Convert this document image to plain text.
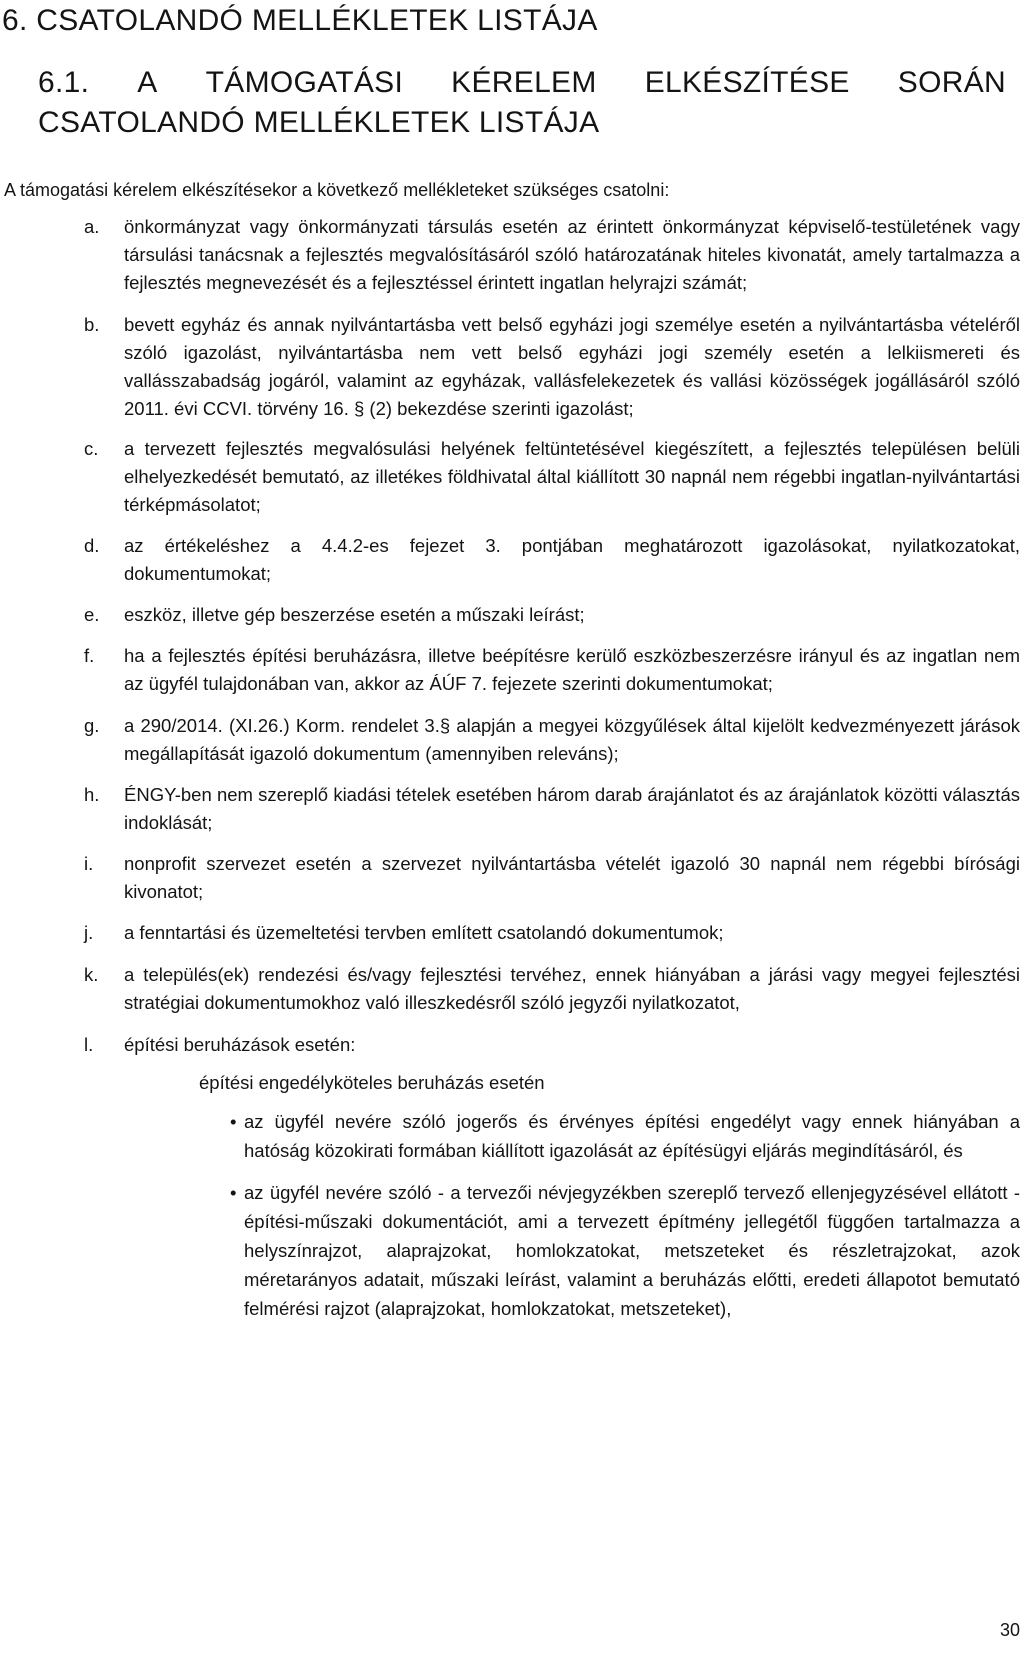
6. CSATOLANDÓ MELLÉKLETEK LISTÁJA
6.1. A TÁMOGATÁSI KÉRELEM ELKÉSZÍTÉSE SORÁN
CSATOLANDÓ MELLÉKLETEK LISTÁJA
A támogatási kérelem elkészítésekor a következő mellékleteket szükséges csatolni:
a.	önkormányzat vagy önkormányzati társulás esetén az érintett önkormányzat képviselő-testületének vagy társulási tanácsnak a fejlesztés megvalósításáról szóló határozatának hiteles kivonatát, amely tartalmazza a fejlesztés megnevezését és a fejlesztéssel érintett ingatlan helyrajzi számát;
b.	bevett egyház és annak nyilvántartásba vett belső egyházi jogi személye esetén a nyilvántartásba vételéről szóló igazolást, nyilvántartásba nem vett belső egyházi jogi személy esetén a lelkiismereti és vallásszabadság jogáról, valamint az egyházak, vallásfelekezetek és vallási közösségek jogállásáról szóló 2011. évi CCVI. törvény 16. § (2) bekezdése szerinti igazolást;
c.	a tervezett fejlesztés megvalósulási helyének feltüntetésével kiegészített, a fejlesztés településen belüli elhelyezkedését bemutató, az illetékes földhivatal által kiállított 30 napnál nem régebbi ingatlan-nyilvántartási térképmásolatot;
d.	az értékeléshez a 4.4.2-es fejezet 3. pontjában meghatározott igazolásokat, nyilatkozatokat, dokumentumokat;
e.	eszköz, illetve gép beszerzése esetén a műszaki leírást;
f.	ha a fejlesztés építési beruházásra, illetve beépítésre kerülő eszközbeszerzésre irányul és az ingatlan nem az ügyfél tulajdonában van, akkor az ÁÚF 7. fejezete szerinti dokumentumokat;
g.	a 290/2014. (XI.26.) Korm. rendelet 3.§ alapján a megyei közgyűlések által kijelölt kedvezményezett járások megállapítását igazoló dokumentum (amennyiben releváns);
h.	ÉNGY-ben nem szereplő kiadási tételek esetében három darab árajánlatot és az árajánlatok közötti választás indoklását;
i.	nonprofit szervezet esetén a szervezet nyilvántartásba vételét igazoló 30 napnál nem régebbi bírósági kivonatot;
j.	a fenntartási és üzemeltetési tervben említett csatolandó dokumentumok;
k.	a település(ek) rendezési és/vagy fejlesztési tervéhez, ennek hiányában a járási vagy megyei fejlesztési stratégiai dokumentumokhoz való illeszkedésről szóló jegyzői nyilatkozatot,
l.	építési beruházások esetén:
építési engedélyköteles beruházás esetén
• az ügyfél nevére szóló jogerős és érvényes építési engedélyt vagy ennek hiányában a hatóság közokirati formában kiállított igazolását az építésügyi eljárás megindításáról, és
• az ügyfél nevére szóló - a tervezői névjegyzékben szereplő tervező ellenjegyzésével ellátott - építési-műszaki dokumentációt, ami a tervezett építmény jellegétől függően tartalmazza a helyszínrajzot, alaprajzokat, homlokzatokat, metszeteket és részletrajzokat, azok méretarányos adatait, műszaki leírást, valamint a beruházás előtti, eredeti állapotot bemutató felmérési rajzot (alaprajzokat, homlokzatokat, metszeteket),
30
